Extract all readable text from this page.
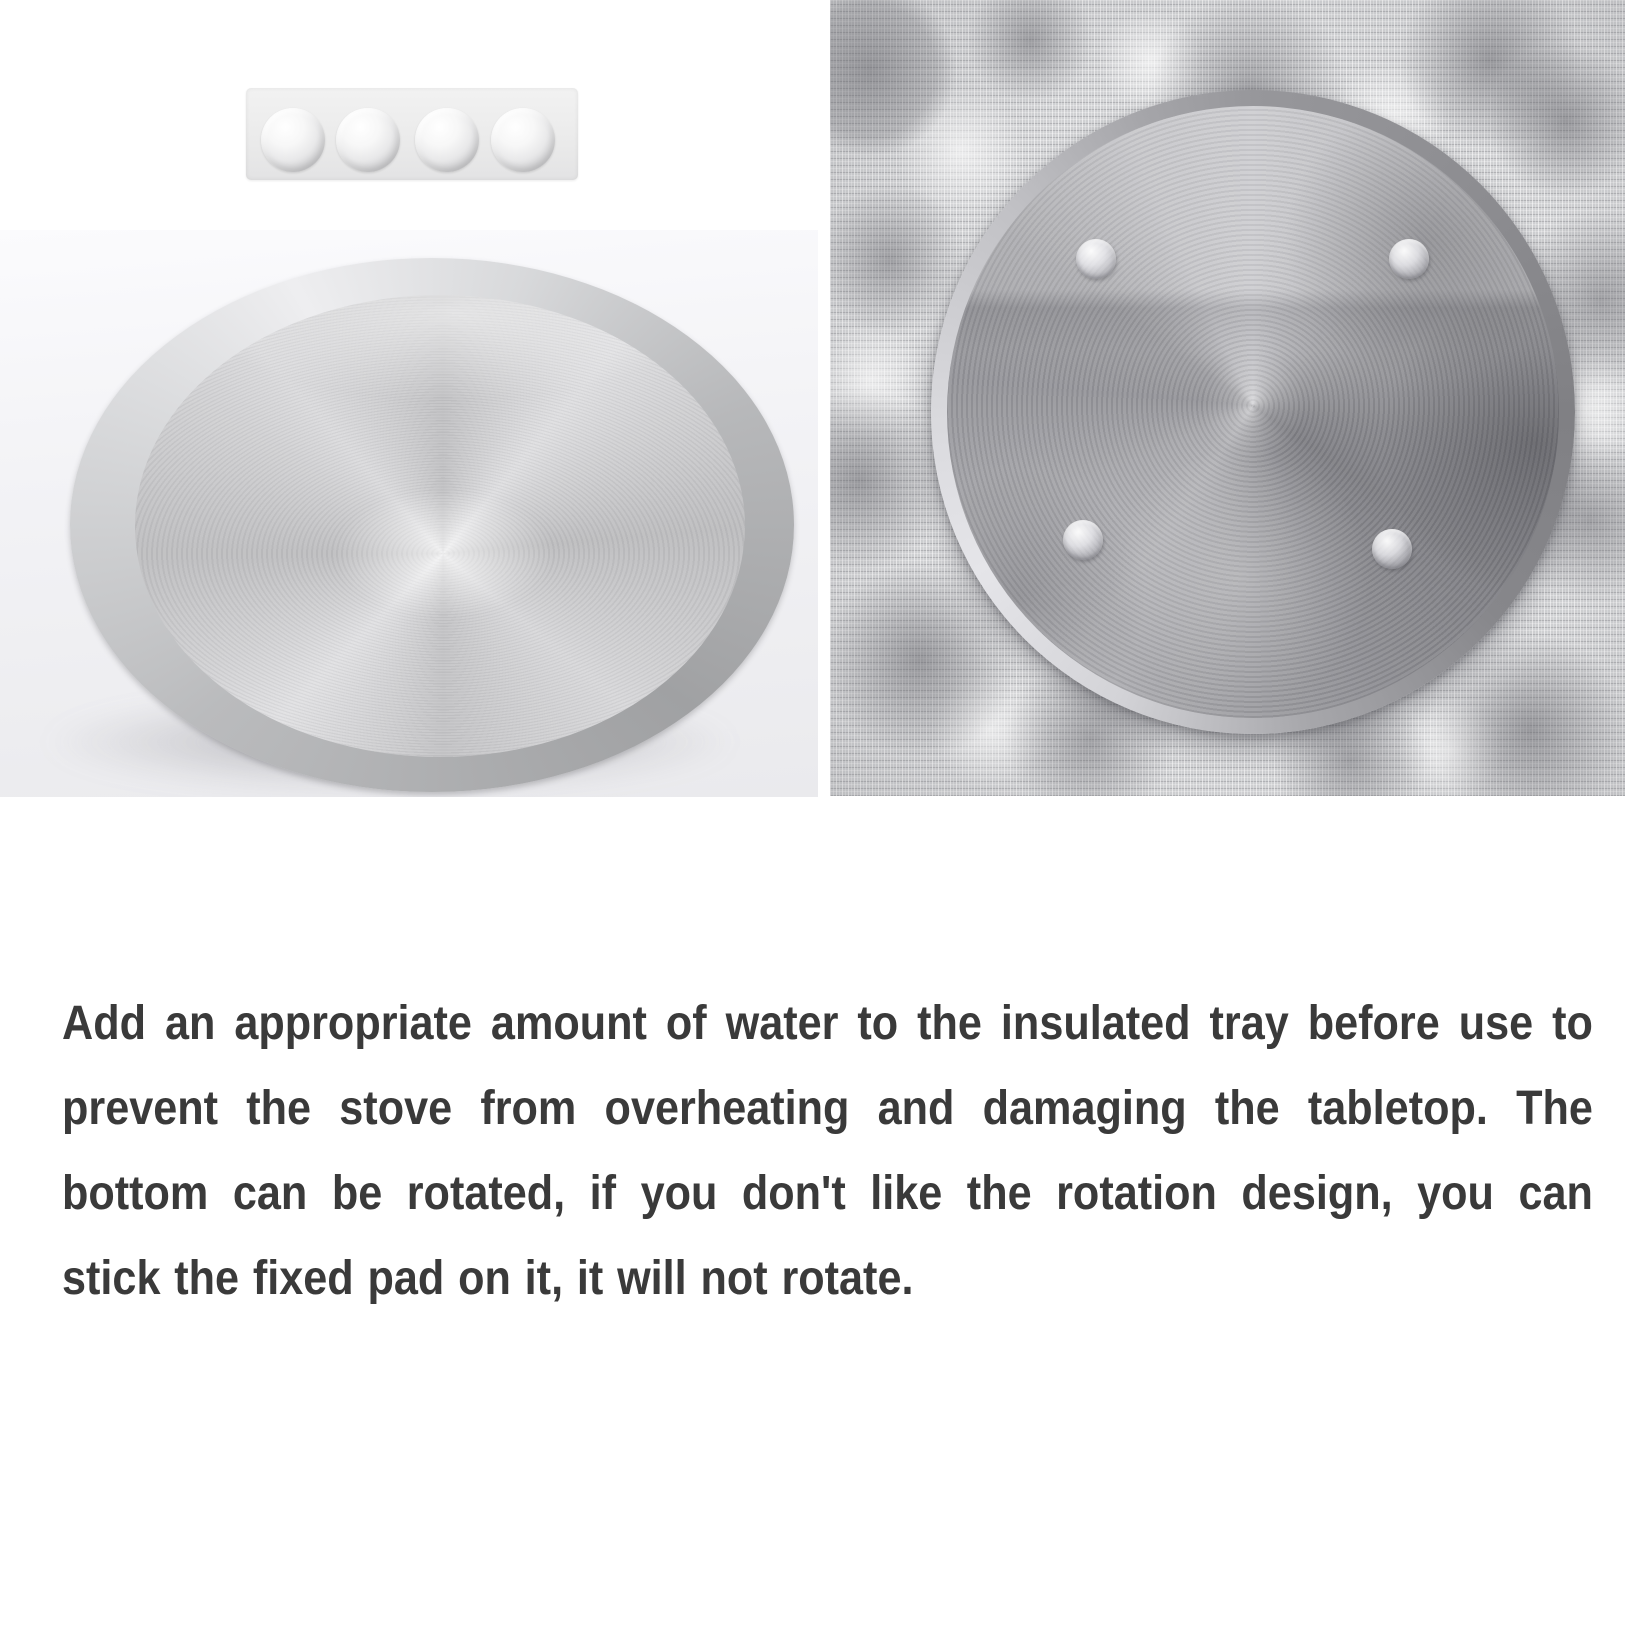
Add an appropriate amount of water to the insulated tray before use to
prevent the stove from overheating and damaging the tabletop. The
bottom can be rotated, if you don't like the rotation design, you can
stick the fixed pad on it, it will not rotate.
